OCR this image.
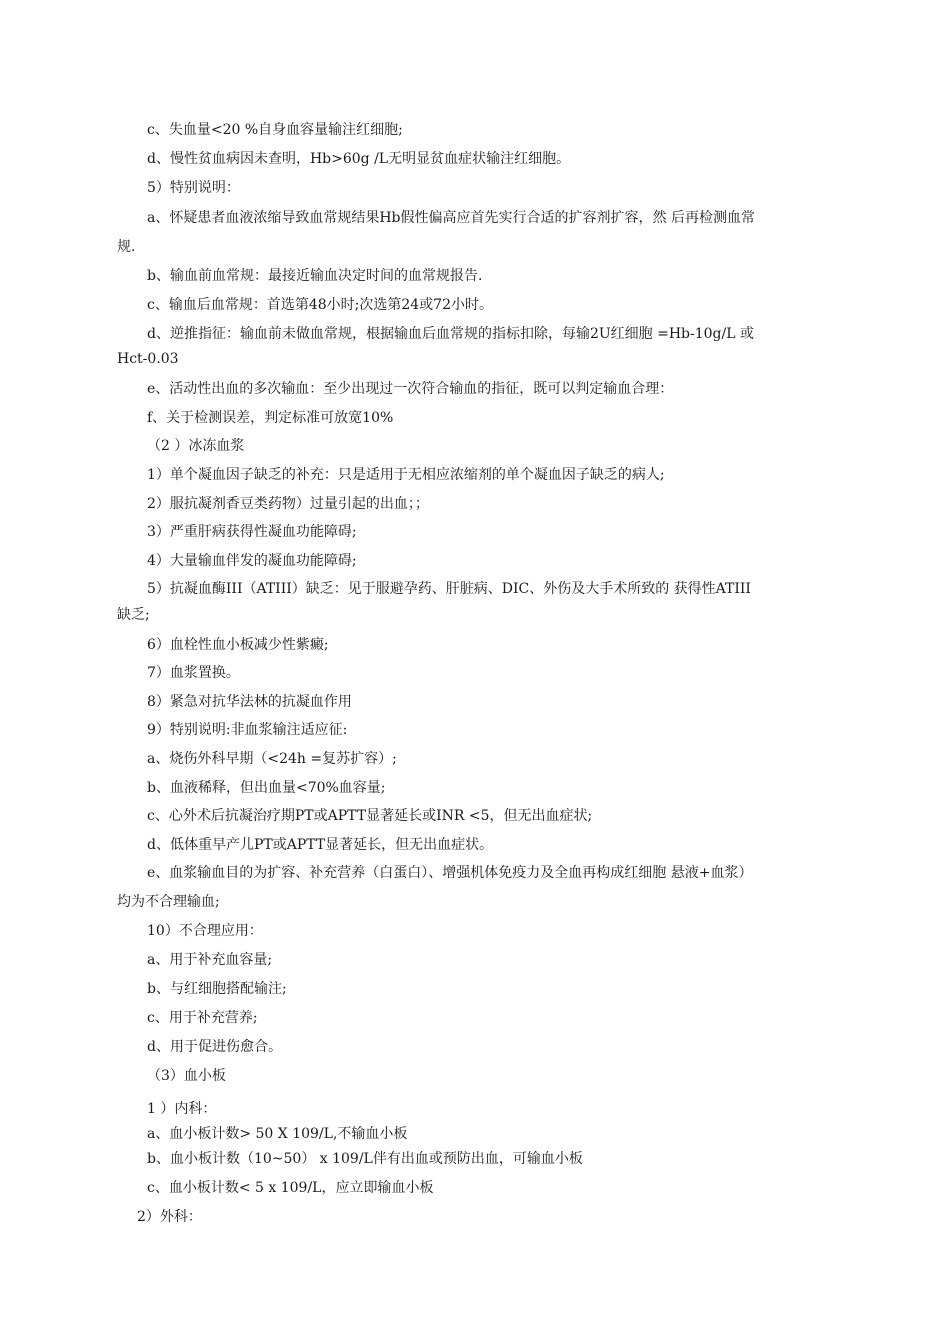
c、失血量<20 %自身血容量输注红细胞;
d、慢性贫血病因未查明，Hb>60g /L无明显贫血症状输注红细胞。
5）特别说明：
a、怀疑患者血液浓缩导致血常规结果Hb假性偏高应首先实行合适的扩容剂扩容，然 后再检测血常
规.
b、输血前血常规：最接近输血决定时间的血常规报告.
c、输血后血常规：首选第48小时;次选第24或72小时。
d、逆推指征：输血前未做血常规，根据输血后血常规的指标扣除，每输2U红细胞 =Hb-10g/L 或
Hct-0.03
e、活动性出血的多次输血：至少出现过一次符合输血的指征，既可以判定输血合理：
f、关于检测误差，判定标准可放宽10%
（2 ）冰冻血浆
1）单个凝血因子缺乏的补充：只是适用于无相应浓缩剂的单个凝血因子缺乏的病人;
2）服抗凝剂香豆类药物）过量引起的出血；；
3）严重肝病获得性凝血功能障碍;
4）大量输血伴发的凝血功能障碍;
5）抗凝血酶III（ATIII）缺乏：见于服避孕药、肝脏病、DIC、外伤及大手术所致的 获得性ATIII
缺乏;
6）血栓性血小板减少性紫癜;
7）血浆置换。
8）紧急对抗华法林的抗凝血作用
9）特别说明:非血浆输注适应征:
a、烧伤外科早期（<24h =复苏扩容）;
b、血液稀释，但出血量<70%血容量;
c、心外术后抗凝治疗期PT或APTT显著延长或INR <5，但无出血症状;
d、低体重早产儿PT或APTT显著延长，但无出血症状。
e、血浆输血目的为扩容、补充营养（白蛋白）、增强机体免疫力及全血再构成红细胞 悬液+血浆）
均为不合理输血;
10）不合理应用：
a、用于补充血容量;
b、与红细胞搭配输注;
c、用于补充营养;
d、用于促进伤愈合。
（3）血小板
1 ）内科：
a、血小板计数> 50 X 109/L,不输血小板
b、血小板计数（10~50） x 109/L伴有出血或预防出血，可输血小板
c、血小板计数< 5 x 109/L，应立即输血小板
2）外科：
